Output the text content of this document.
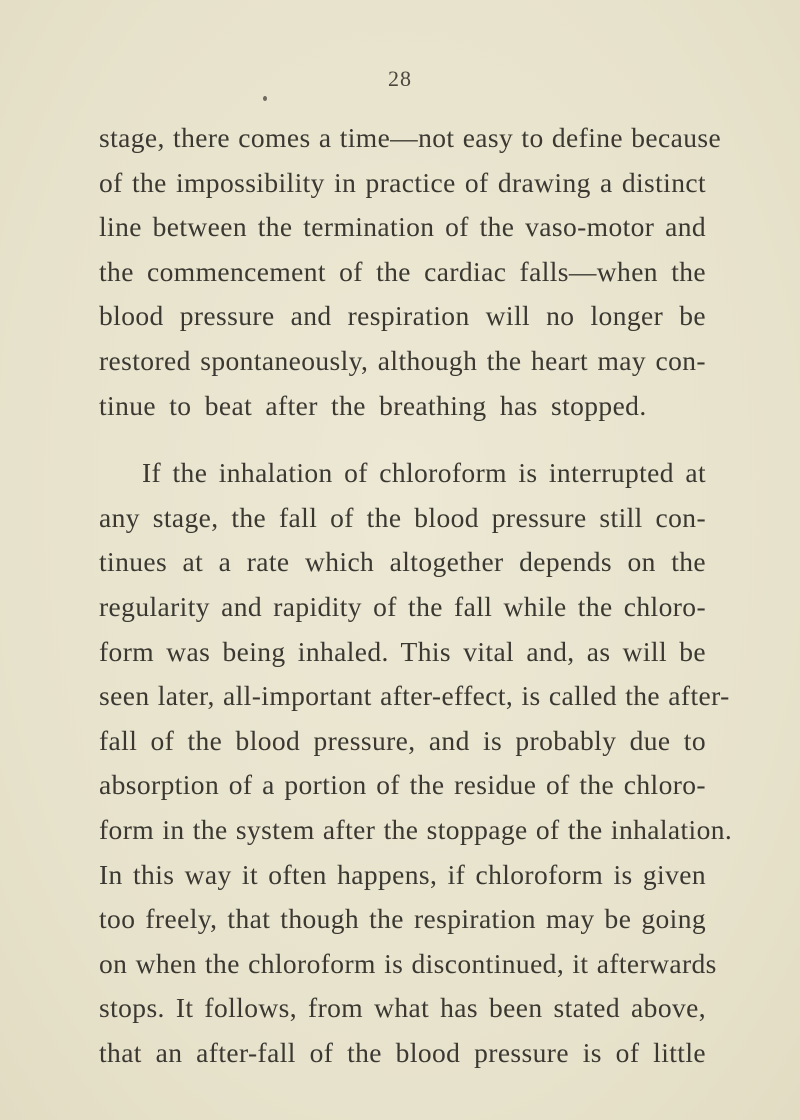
28
stage, there comes a time—not easy to define because
of the impossibility in practice of drawing a distinct
line between the termination of the vaso-motor and
the commencement of the cardiac falls—when the
blood pressure and respiration will no longer be
restored spontaneously, although the heart may con-
tinue to beat after the breathing has stopped.
If the inhalation of chloroform is interrupted at
any stage, the fall of the blood pressure still con-
tinues at a rate which altogether depends on the
regularity and rapidity of the fall while the chloro-
form was being inhaled. This vital and, as will be
seen later, all-important after-effect, is called the after-
fall of the blood pressure, and is probably due to
absorption of a portion of the residue of the chloro-
form in the system after the stoppage of the inhalation.
In this way it often happens, if chloroform is given
too freely, that though the respiration may be going
on when the chloroform is discontinued, it afterwards
stops. It follows, from what has been stated above,
that an after-fall of the blood pressure is of little
